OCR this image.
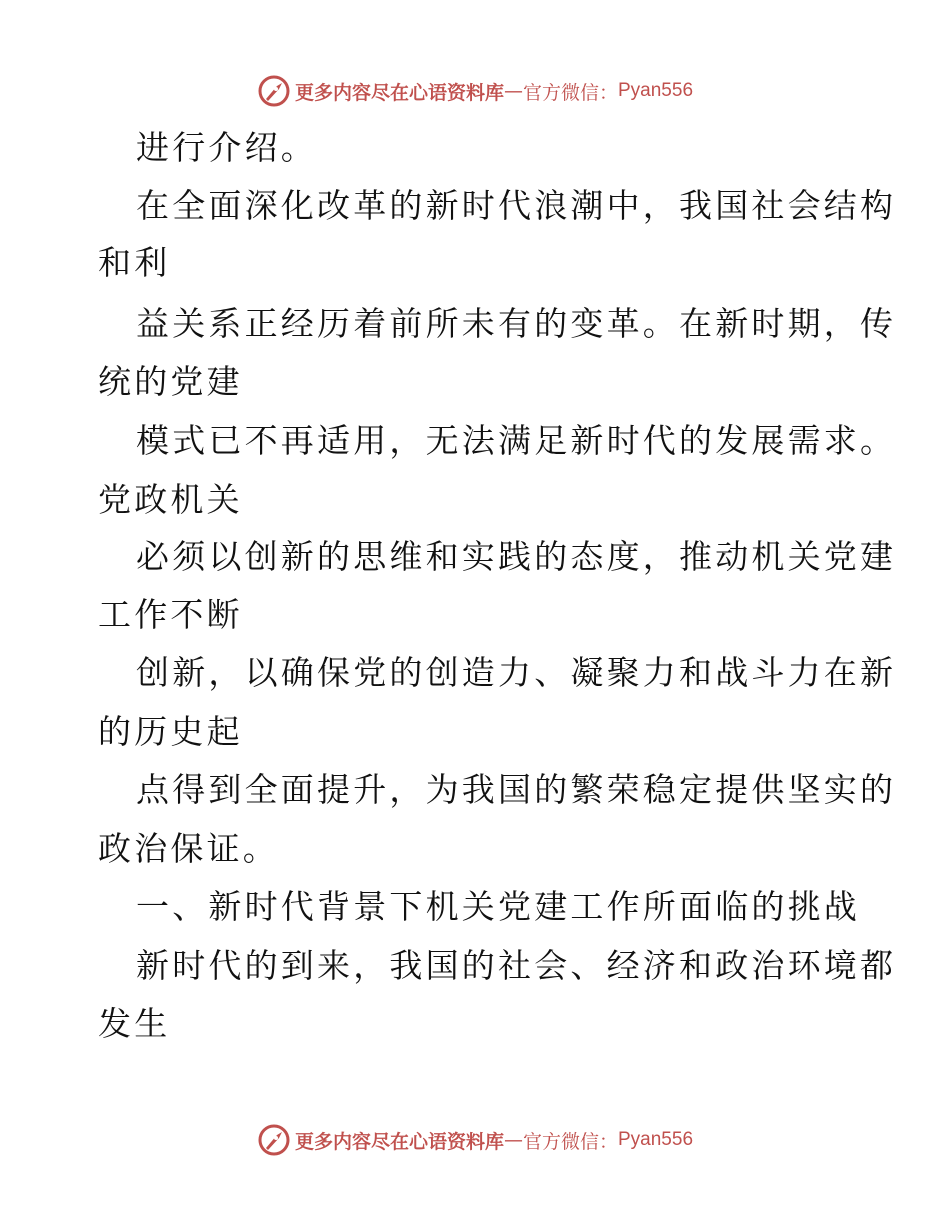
更多内容尽在心语资料库 — 官方微信： Pyan556
进行介绍。
在全面深化改革的新时代浪潮中，我国社会结构
和利
益关系正经历着前所未有的变革。在新时期，传
统的党建
模式已不再适用，无法满足新时代的发展需求。
党政机关
必须以创新的思维和实践的态度，推动机关党建
工作不断
创新，以确保党的创造力、凝聚力和战斗力在新
的历史起
点得到全面提升，为我国的繁荣稳定提供坚实的
政治保证。
一、新时代背景下机关党建工作所面临的挑战
新时代的到来，我国的社会、经济和政治环境都
发生
更多内容尽在心语资料库 — 官方微信： Pyan556
